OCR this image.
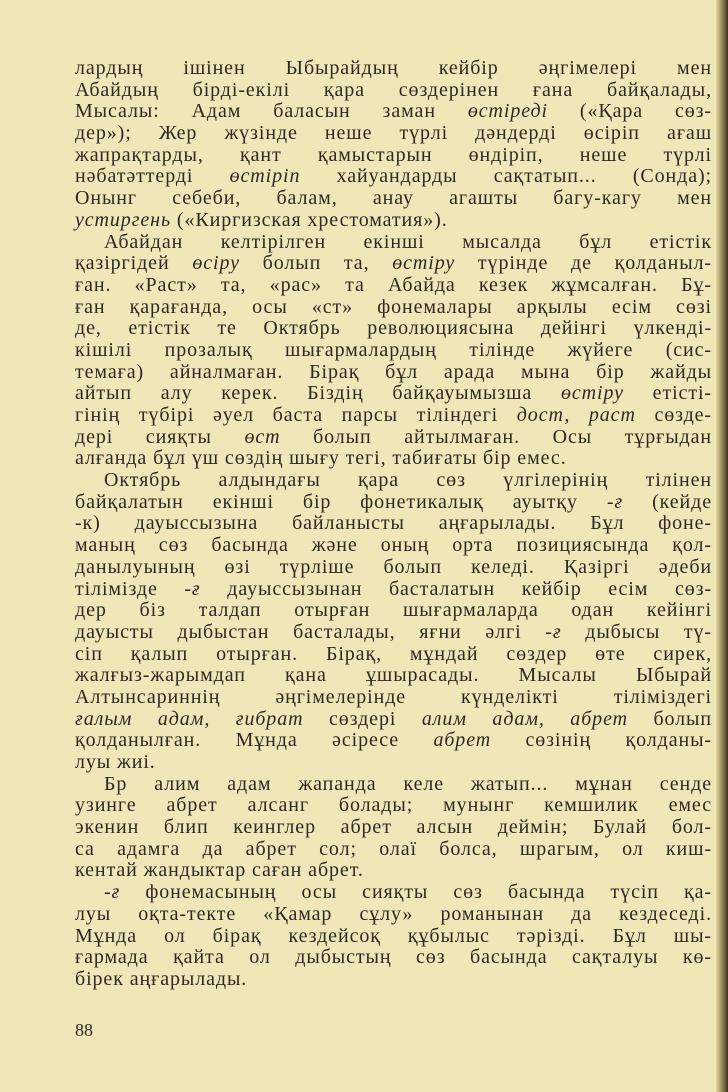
лардың ішінен Ыбырайдың кейбір әңгімелері мен
Абайдың бірді-екілі қара сөздерінен ғана байқалады,
Мысалы: Адам баласын заман өстіреді («Қара сөз-
дер»); Жер жүзінде неше түрлі дәндерді өсіріп ағаш
жапрақтарды, қант қамыстарын өндіріп, неше түрлі
нәбатәттерді өстіріп хайуандарды сақтатып... (Сонда);
Онынг себеби, балам, анау агашты багу-кагу мен
устиргень («Киргизская хрестоматия»).
Абайдан келтірілген екінші мысалда бұл етістік
қазіргідей өсіру болып та, өстіру түрінде де қолданыл-
ған. «Раст» та, «рас» та Абайда кезек жұмсалған. Бұ-
ған қарағанда, осы «ст» фонемалары арқылы есім сөзі
де, етістік те Октябрь революциясына дейінгі үлкенді-
кішілі прозалық шығармалардың тілінде жүйеге (сис-
темаға) айналмаған. Бірақ бұл арада мына бір жайды
айтып алу керек. Біздің байқауымызша өстіру етісті-
гінің түбірі әуел баста парсы тіліндегі дост, раст сөзде-
дері сияқты өст болып айтылмаған. Осы тұрғыдан
алғанда бұл үш сөздің шығу тегі, табиғаты бір емес.
Октябрь алдындағы қара сөз үлгілерінің тілінен
байқалатын екінші бір фонетикалық ауытқу -ғ (кейде
-к) дауыссызына байланысты аңғарылады. Бұл фоне-
маның сөз басында және оның орта позициясында қол-
данылуының өзі түрліше болып келеді. Қазіргі әдеби
тілімізде -ғ дауыссызынан басталатын кейбір есім сөз-
дер біз талдап отырған шығармаларда одан кейінгі
дауысты дыбыстан басталады, яғни әлгі -ғ дыбысы тү-
сіп қалып отырған. Бірақ, мұндай сөздер өте сирек,
жалғыз-жарымдап қана ұшырасады. Мысалы Ыбырай
Алтынсариннің әңгімелерінде күнделікті тіліміздегі
ғалым адам, ғибрат сөздері алим адам, абрет болып
қолданылған. Мұнда әсіресе абрет сөзінің қолданы-
луы жиі.
Бр алим адам жапанда келе жатып... мұнан сенде
узинге абрет алсанг болады; мунынг кемшилик емес
экенин блип кеинглер абрет алсын деймін; Булай бол-
са адамга да абрет сол; олаї болса, шрагым, ол киш-
кентай жандыктар саған абрет.
-ғ фонемасының осы сияқты сөз басында түсіп қа-
луы оқта-текте «Қамар сұлу» романынан да кездеседі.
Мұнда ол бірақ кездейсоқ құбылыс тәрізді. Бұл шы-
ғармада қайта ол дыбыстың сөз басында сақталуы кө-
бірек аңғарылады.
88
